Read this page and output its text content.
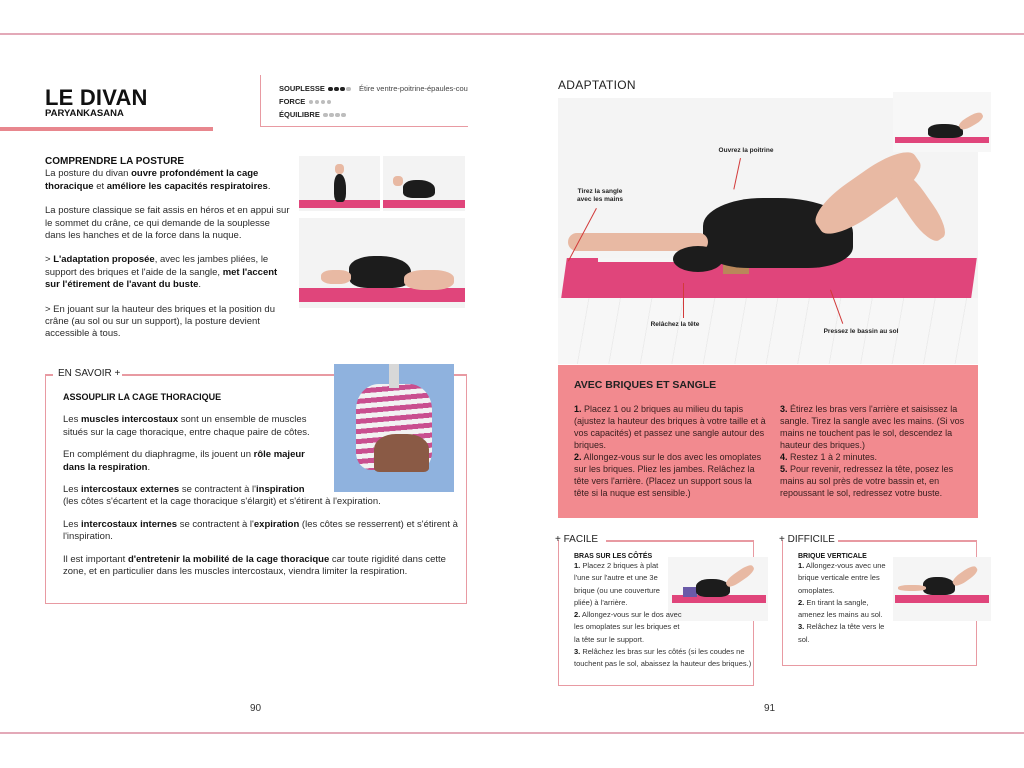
LE DIVAN
PARYANKASANA
SOUPLESSE	Étire ventre-poitrine-épaules-cou
FORCE
ÉQUILIBRE
COMPRENDRE LA POSTURE

La posture du divan ouvre profondément la cage thoracique et améliore les capacités respiratoires.

La posture classique se fait assis en héros et en appui sur le sommet du crâne, ce qui demande de la souplesse dans les hanches et de la force dans la nuque.

> L'adaptation proposée, avec les jambes pliées, le support des briques et l'aide de la sangle, met l'accent sur l'étirement de l'avant du buste.

> En jouant sur la hauteur des briques et la position du crâne (au sol ou sur un support), la posture devient accessible à tous.

EN SAVOIR +
ASSOUPLIR LA CAGE THORACIQUE

Les muscles intercostaux sont un ensemble de muscles situés sur la cage thoracique, entre chaque paire de côtes.

En complément du diaphragme, ils jouent un rôle majeur dans la respiration.

Les intercostaux externes se contractent à l'inspiration
(les côtes s'écartent et la cage thoracique s'élargit) et s'étirent à l'expiration.

Les intercostaux internes se contractent à l'expiration (les côtes se resserrent) et s'étirent à l'inspiration.

Il est important d'entretenir la mobilité de la cage thoracique car toute rigidité dans cette zone, et en particulier dans les muscles intercostaux, viendra limiter la respiration.

90
ADAPTATION
Ouvrez la poitrine
Tirez la sangle avec les mains
Relâchez la tête
Pressez le bassin au sol
AVEC BRIQUES ET SANGLE

1. Placez 1 ou 2 briques au milieu du tapis (ajustez la hauteur des briques à votre taille et à vos capacités) et passez une sangle autour des briques.

2. Allongez-vous sur le dos avec les omoplates sur les briques. Pliez les jambes. Relâchez la tête vers l'arrière. (Placez un support sous la tête si la nuque est sensible.)

3. Étirez les bras vers l'arrière et saisissez la sangle. Tirez la sangle avec les mains. (Si vos mains ne touchent pas le sol, descendez la hauteur des briques.)

4. Restez 1 à 2 minutes.

5. Pour revenir, redressez la tête, posez les mains au sol près de votre bassin et, en repoussant le sol, redressez votre buste.

+ FACILE
BRAS SUR LES CÔTÉS

1. Placez 2 briques à plat l'une sur l'autre et une 3e brique (ou une couverture pliée) à l'arrière.

2. Allongez-vous sur le dos avec les omoplates sur les briques et la tête sur le support.

3. Relâchez les bras sur les côtés (si les coudes ne touchent pas le sol, abaissez la hauteur des briques.)

+ DIFFICILE
BRIQUE VERTICALE

1. Allongez-vous avec une brique verticale entre les omoplates.

2. En tirant la sangle, amenez les mains au sol.

3. Relâchez la tête vers le sol.

91
